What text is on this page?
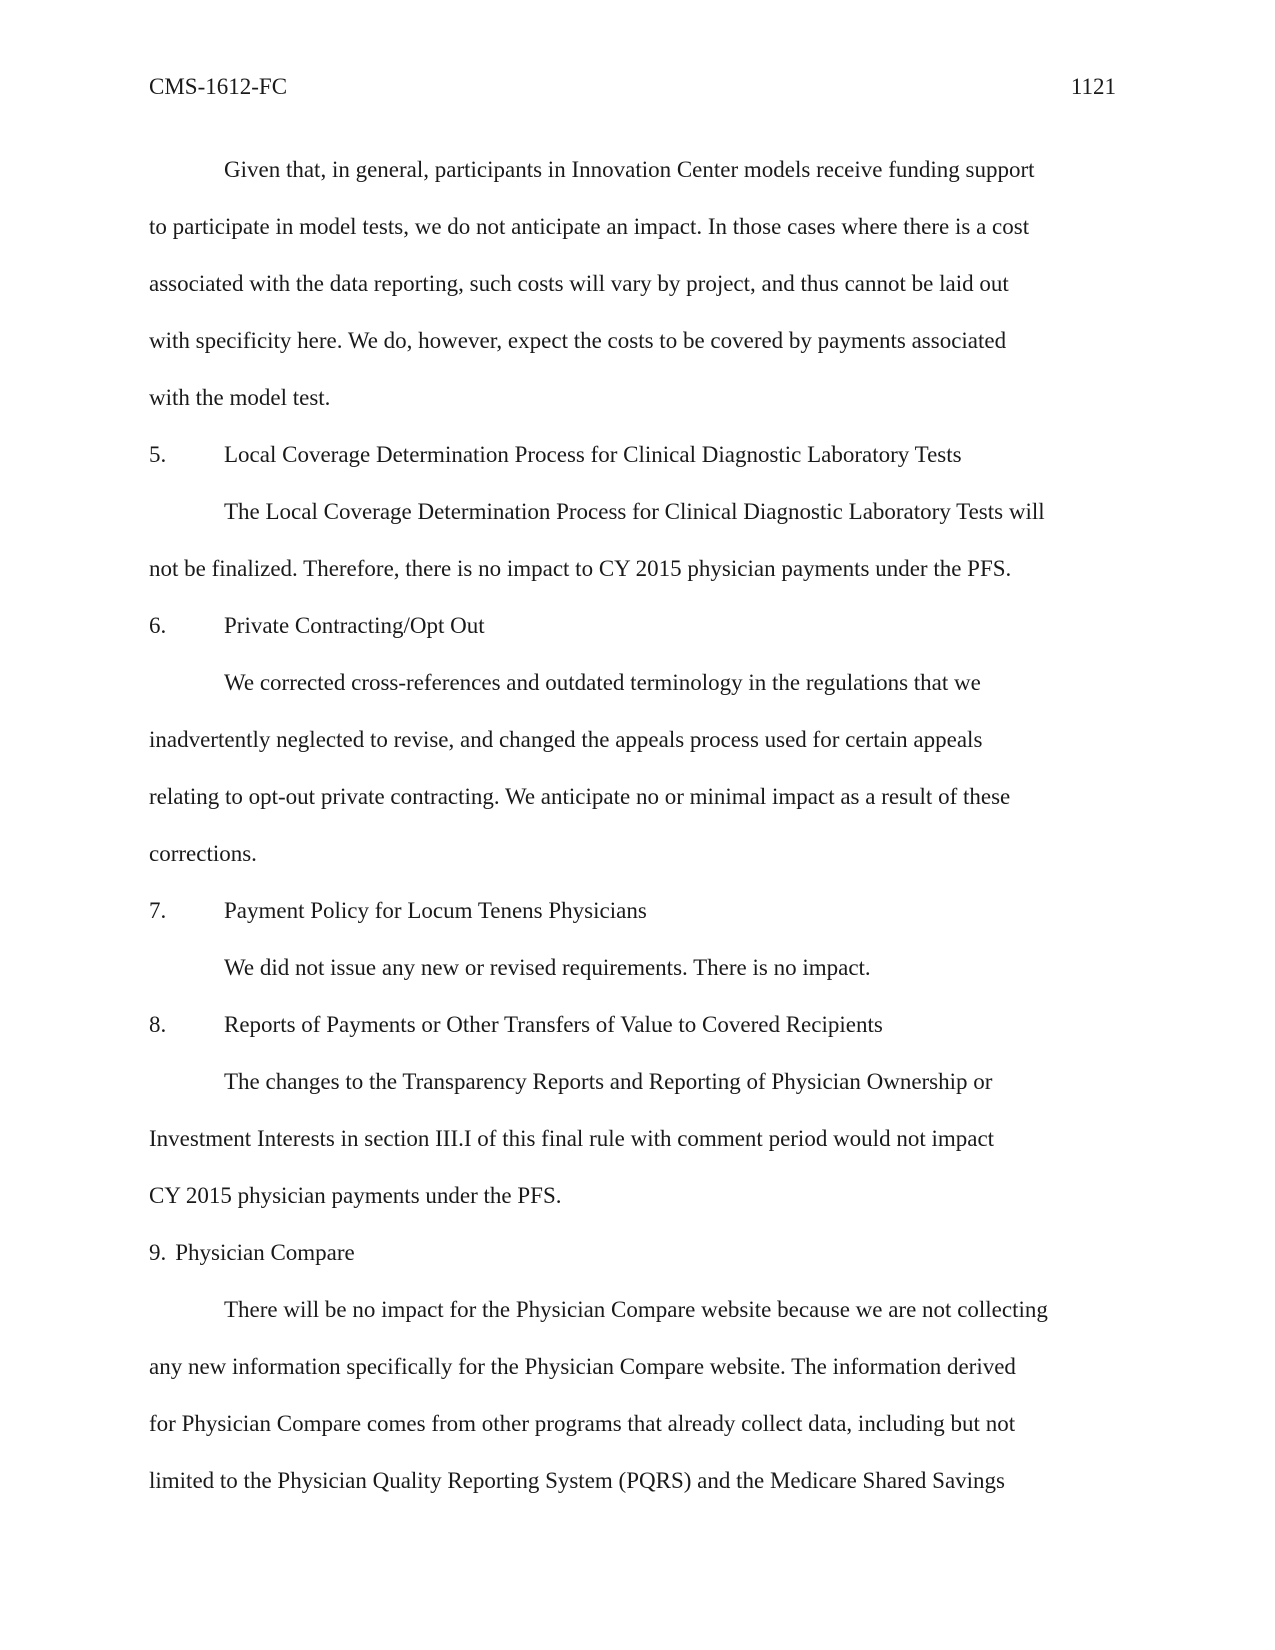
CMS-1612-FC	1121
Given that, in general, participants in Innovation Center models receive funding support
to participate in model tests, we do not anticipate an impact. In those cases where there is a cost
associated with the data reporting, such costs will vary by project, and thus cannot be laid out
with specificity here. We do, however, expect the costs to be covered by payments associated
with the model test.
5.	Local Coverage Determination Process for Clinical Diagnostic Laboratory Tests
The Local Coverage Determination Process for Clinical Diagnostic Laboratory Tests will
not be finalized. Therefore, there is no impact to CY 2015 physician payments under the PFS.
6.	Private Contracting/Opt Out
We corrected cross-references and outdated terminology in the regulations that we
inadvertently neglected to revise, and changed the appeals process used for certain appeals
relating to opt-out private contracting. We anticipate no or minimal impact as a result of these
corrections.
7.	Payment Policy for Locum Tenens Physicians
We did not issue any new or revised requirements. There is no impact.
8.	Reports of Payments or Other Transfers of Value to Covered Recipients
The changes to the Transparency Reports and Reporting of Physician Ownership or
Investment Interests in section III.I of this final rule with comment period would not impact
CY 2015 physician payments under the PFS.
9. Physician Compare
There will be no impact for the Physician Compare website because we are not collecting
any new information specifically for the Physician Compare website. The information derived
for Physician Compare comes from other programs that already collect data, including but not
limited to the Physician Quality Reporting System (PQRS) and the Medicare Shared Savings
